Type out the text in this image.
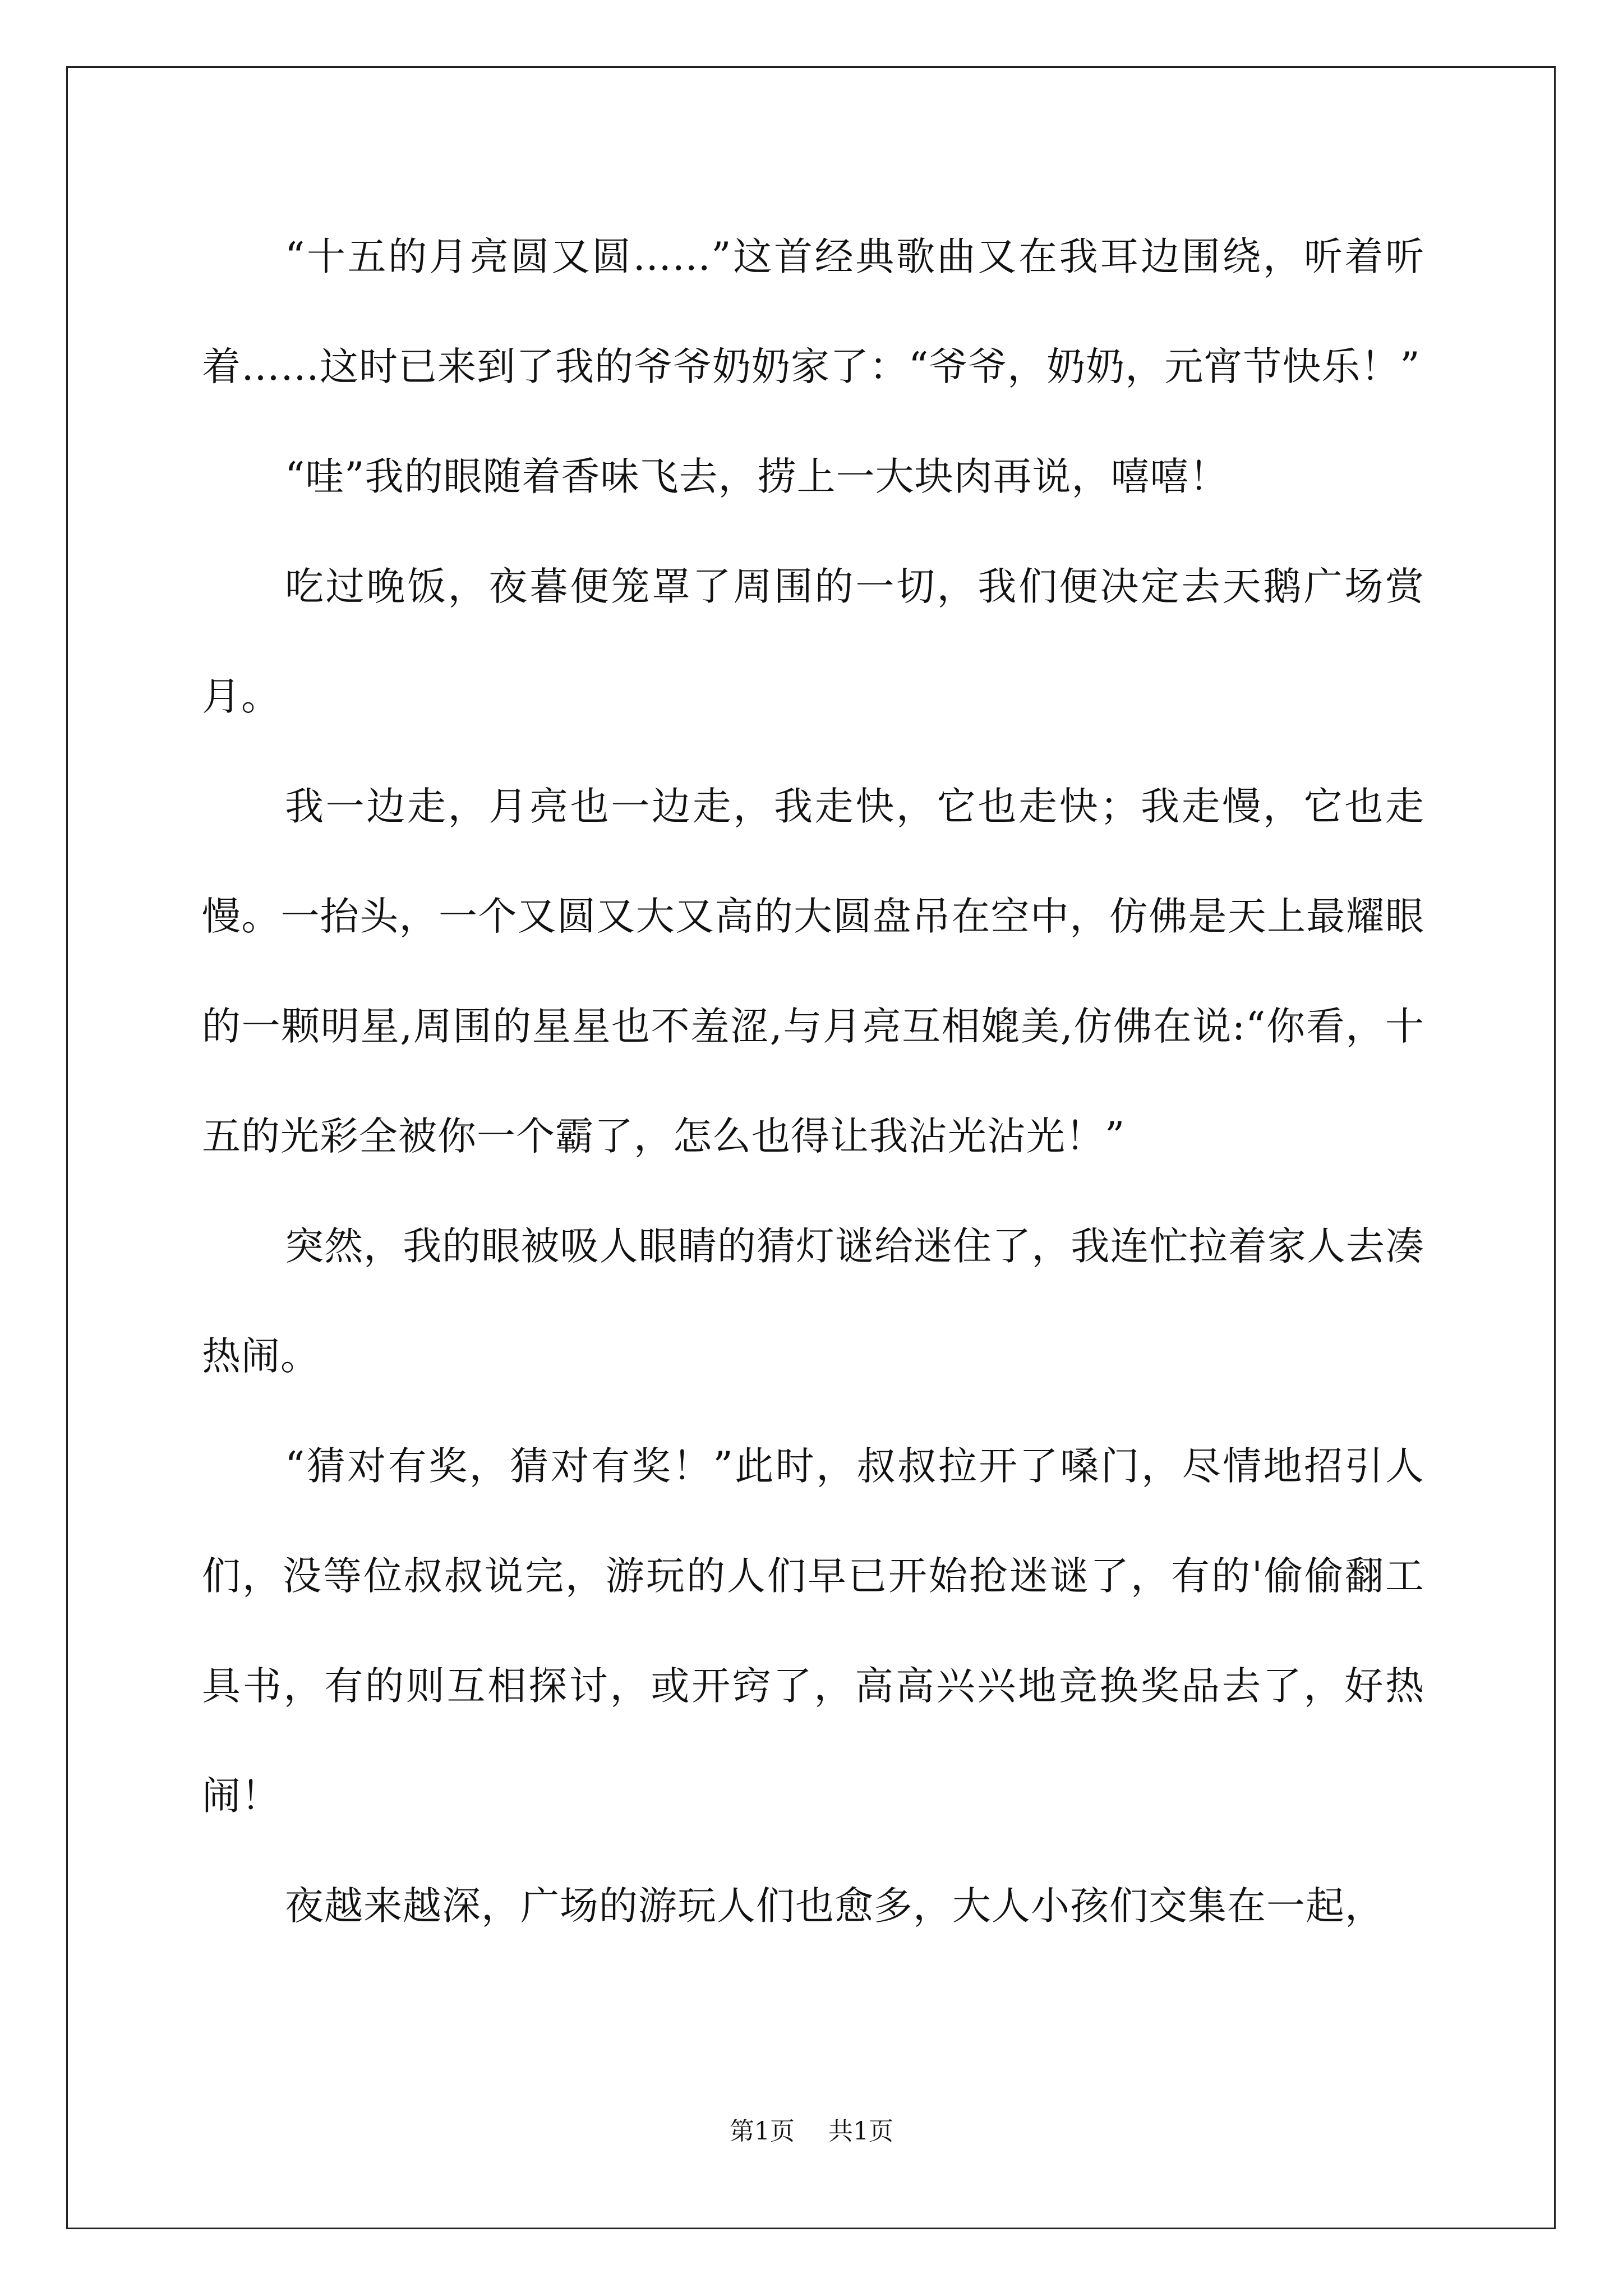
“十五的月亮圆又圆……”这首经典歌曲又在我耳边围绕，听着听着……这时已来到了我的爷爷奶奶家了：“爷爷，奶奶，元宵节快乐！”

“哇”我的眼随着香味飞去，捞上一大块肉再说，嘻嘻！

吃过晚饭，夜暮便笼罩了周围的一切，我们便决定去天鹅广场赏月。

我一边走，月亮也一边走，我走快，它也走快；我走慢，它也走慢。一抬头，一个又圆又大又高的大圆盘吊在空中，仿佛是天上最耀眼的一颗明星,周围的星星也不羞涩,与月亮互相媲美,仿佛在说:“你看，十五的光彩全被你一个霸了，怎么也得让我沾光沾光！”

突然，我的眼被吸人眼睛的猜灯谜给迷住了，我连忙拉着家人去凑热闹。

“猜对有奖，猜对有奖！”此时，叔叔拉开了嗓门，尽情地招引人们，没等位叔叔说完，游玩的人们早已开始抢迷谜了，有的'偷偷翻工具书，有的则互相探讨，或开窍了，高高兴兴地竞换奖品去了，好热闹！

夜越来越深，广场的游玩人们也愈多，大人小孩们交集在一起，

第1页 共1页
